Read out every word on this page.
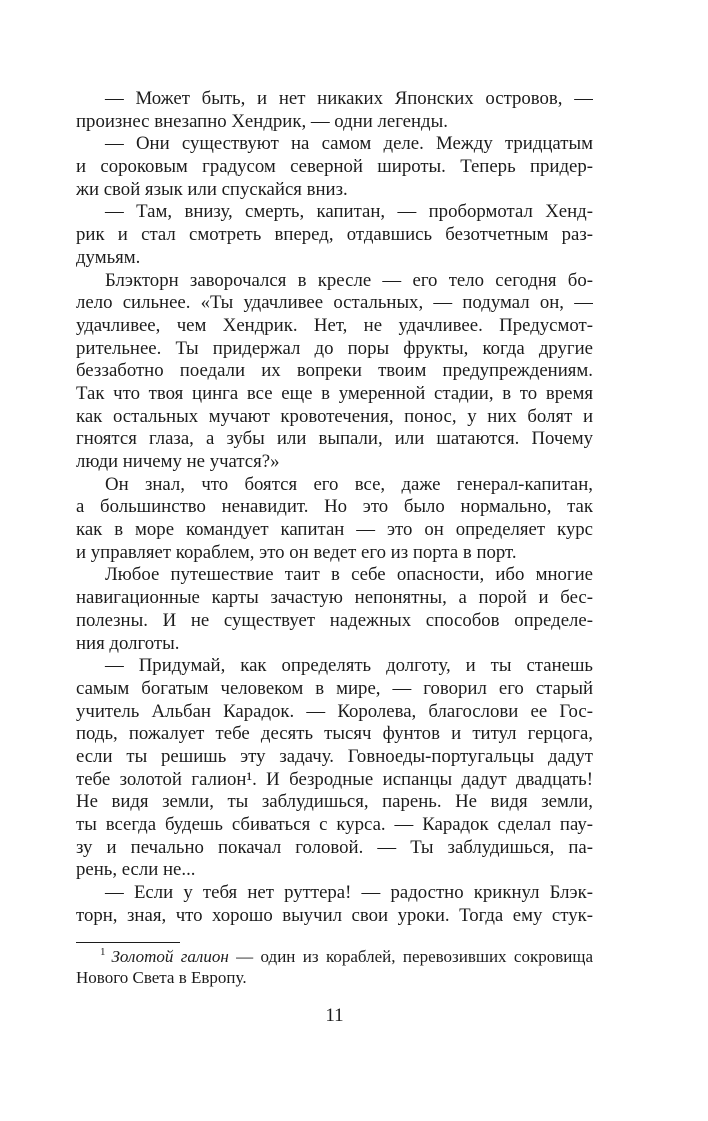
— Может быть, и нет никаких Японских островов, —
произнес внезапно Хендрик, — одни легенды.
— Они существуют на самом деле. Между тридцатым
и сороковым градусом северной широты. Теперь придер-
жи свой язык или спускайся вниз.
— Там, внизу, смерть, капитан, — пробормотал Хенд-
рик и стал смотреть вперед, отдавшись безотчетным раз-
думьям.
Блэкторн заворочался в кресле — его тело сегодня бо-
лело сильнее. «Ты удачливее остальных, — подумал он, —
удачливее, чем Хендрик. Нет, не удачливее. Предусмот-
рительнее. Ты придержал до поры фрукты, когда другие
беззаботно поедали их вопреки твоим предупреждениям.
Так что твоя цинга все еще в умеренной стадии, в то время
как остальных мучают кровотечения, понос, у них болят и
гноятся глаза, а зубы или выпали, или шатаются. Почему
люди ничему не учатся?»
Он знал, что боятся его все, даже генерал-капитан,
а большинство ненавидит. Но это было нормально, так
как в море командует капитан — это он определяет курс
и управляет кораблем, это он ведет его из порта в порт.
Любое путешествие таит в себе опасности, ибо многие
навигационные карты зачастую непонятны, а порой и бес-
полезны. И не существует надежных способов определе-
ния долготы.
— Придумай, как определять долготу, и ты станешь
самым богатым человеком в мире, — говорил его старый
учитель Альбан Карадок. — Королева, благослови ее Гос-
подь, пожалует тебе десять тысяч фунтов и титул герцога,
если ты решишь эту задачу. Говноеды-португальцы дадут
тебе золотой галион¹. И безродные испанцы дадут двадцать!
Не видя земли, ты заблудишься, парень. Не видя земли,
ты всегда будешь сбиваться с курса. — Карадок сделал пау-
зу и печально покачал головой. — Ты заблудишься, па-
рень, если не...
— Если у тебя нет руттера! — радостно крикнул Блэк-
торн, зная, что хорошо выучил свои уроки. Тогда ему стук-
$^1$ Золотой галион — один из кораблей, перевозивших сокровища
Нового Света в Европу.
11
